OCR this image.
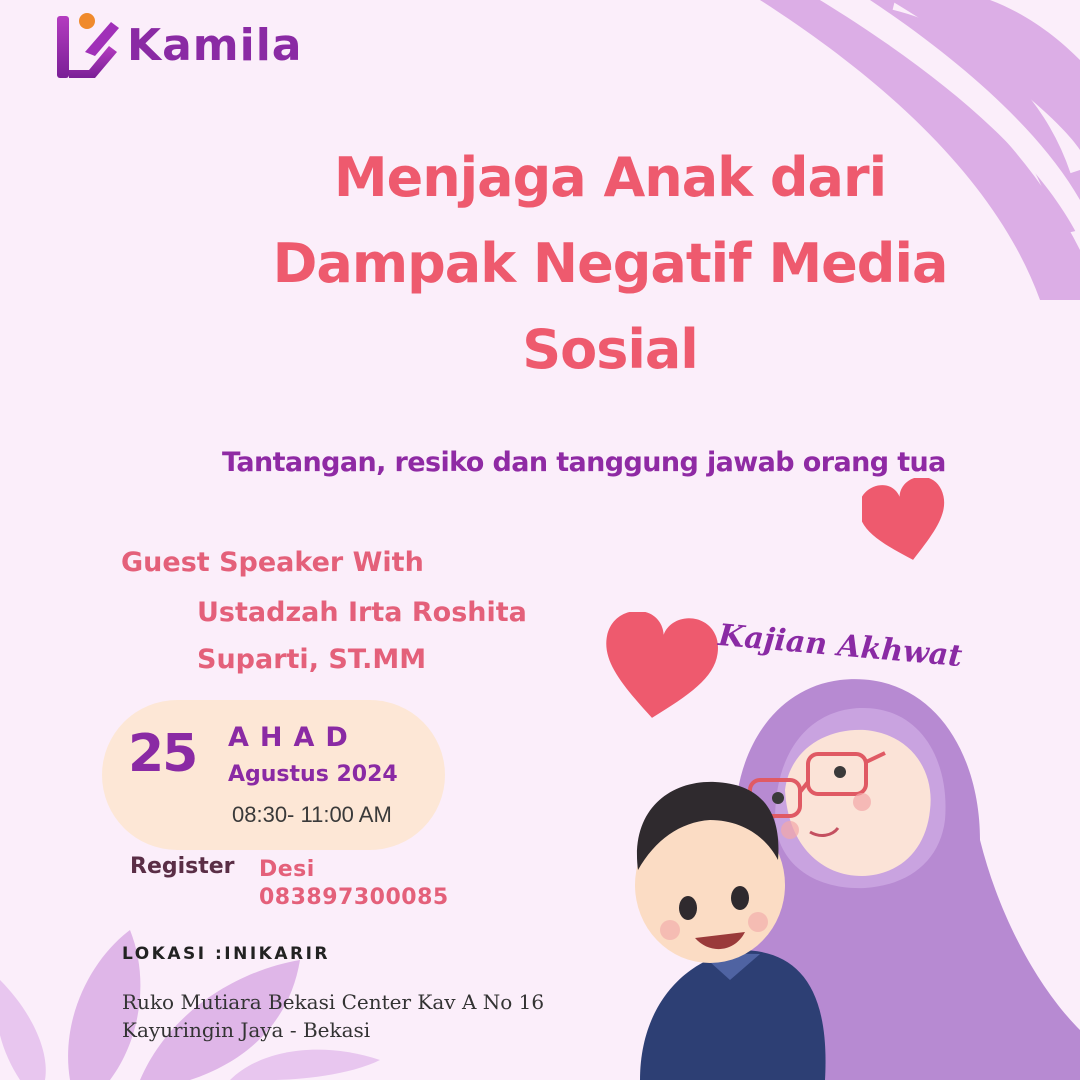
Kamila
Menjaga Anak dari
Dampak Negatif Media
Sosial
Tantangan, resiko dan tanggung jawab orang tua
Guest Speaker With
Ustadzah Irta Roshita
Suparti, ST.MM
25 AHAD
Agustus 2024
08:30- 11:00 AM
Register Desi
083897300085
LOKASI :INIKARIR
Ruko Mutiara Bekasi Center Kav A No 16
Kayuringin Jaya - Bekasi
Kajian Akhwat
